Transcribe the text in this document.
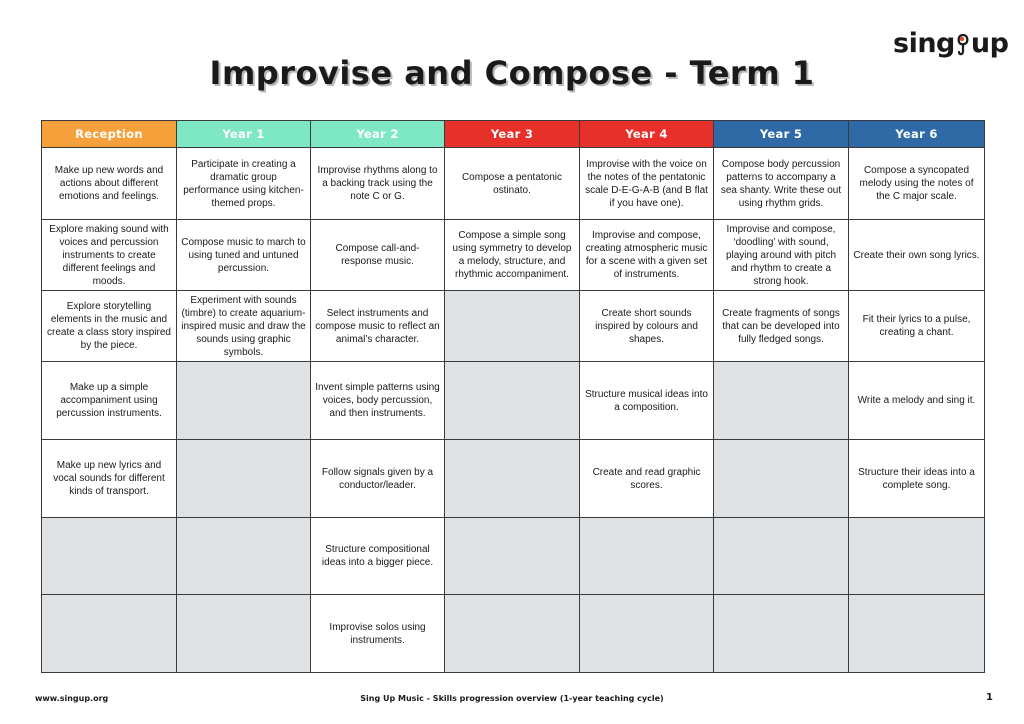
sing up
Improvise and Compose - Term 1
Reception	Year 1	Year 2	Year 3	Year 4	Year 5	Year 6
Make up new words and actions about different emotions and feelings.	Participate in creating a dramatic group performance using kitchen-themed props.	Improvise rhythms along to a backing track using the note C or G.	Compose a pentatonic ostinato.	Improvise with the voice on the notes of the pentatonic scale D-E-G-A-B (and B flat if you have one).	Compose body percussion patterns to accompany a sea shanty. Write these out using rhythm grids.	Compose a syncopated melody using the notes of the C major scale.
Explore making sound with voices and percussion instruments to create different feelings and moods.	Compose music to march to using tuned and untuned percussion.	Compose call-and-response music.	Compose a simple song using symmetry to develop a melody, structure, and rhythmic accompaniment.	Improvise and compose, creating atmospheric music for a scene with a given set of instruments.	Improvise and compose, ‘doodling’ with sound, playing around with pitch and rhythm to create a strong hook.	Create their own song lyrics.
Explore storytelling elements in the music and create a class story inspired by the piece.	Experiment with sounds (timbre) to create aquarium-inspired music and draw the sounds using graphic symbols.	Select instruments and compose music to reflect an animal’s character.		Create short sounds inspired by colours and shapes.	Create fragments of songs that can be developed into fully fledged songs.	Fit their lyrics to a pulse, creating a chant.
Make up a simple accompaniment using percussion instruments.		Invent simple patterns using voices, body percussion, and then instruments.		Structure musical ideas into a composition.		Write a melody and sing it.
Make up new lyrics and vocal sounds for different kinds of transport.		Follow signals given by a conductor/leader.		Create and read graphic scores.		Structure their ideas into a complete song.
		Structure compositional ideas into a bigger piece.				
		Improvise solos using instruments.				
www.singup.org	Sing Up Music - Skills progression overview (1-year teaching cycle)	1
